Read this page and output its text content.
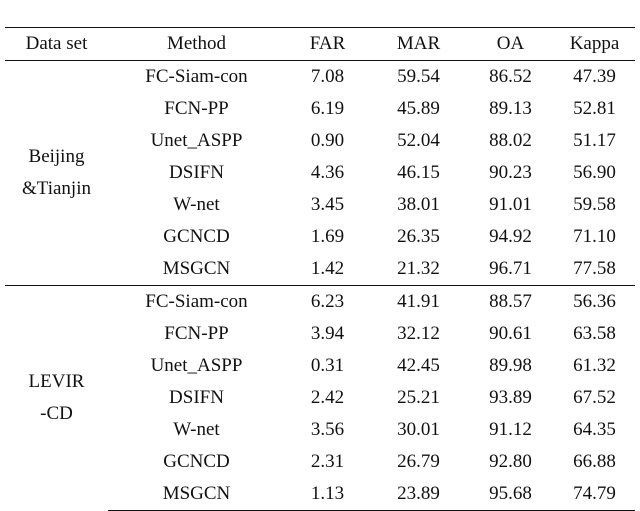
Data set	Method	FAR	MAR	OA	Kappa

Beijing
&Tianjin	FC-Siam-con	7.08	59.54	86.52	47.39
	FCN-PP	6.19	45.89	89.13	52.81
	Unet_ASPP	0.90	52.04	88.02	51.17
	DSIFN	4.36	46.15	90.23	56.90
	W-net	3.45	38.01	91.01	59.58
	GCNCD	1.69	26.35	94.92	71.10
	MSGCN	1.42	21.32	96.71	77.58

LEVIR
-CD	FC-Siam-con	6.23	41.91	88.57	56.36
	FCN-PP	3.94	32.12	90.61	63.58
	Unet_ASPP	0.31	42.45	89.98	61.32
	DSIFN	2.42	25.21	93.89	67.52
	W-net	3.56	30.01	91.12	64.35
	GCNCD	2.31	26.79	92.80	66.88
	MSGCN	1.13	23.89	95.68	74.79
